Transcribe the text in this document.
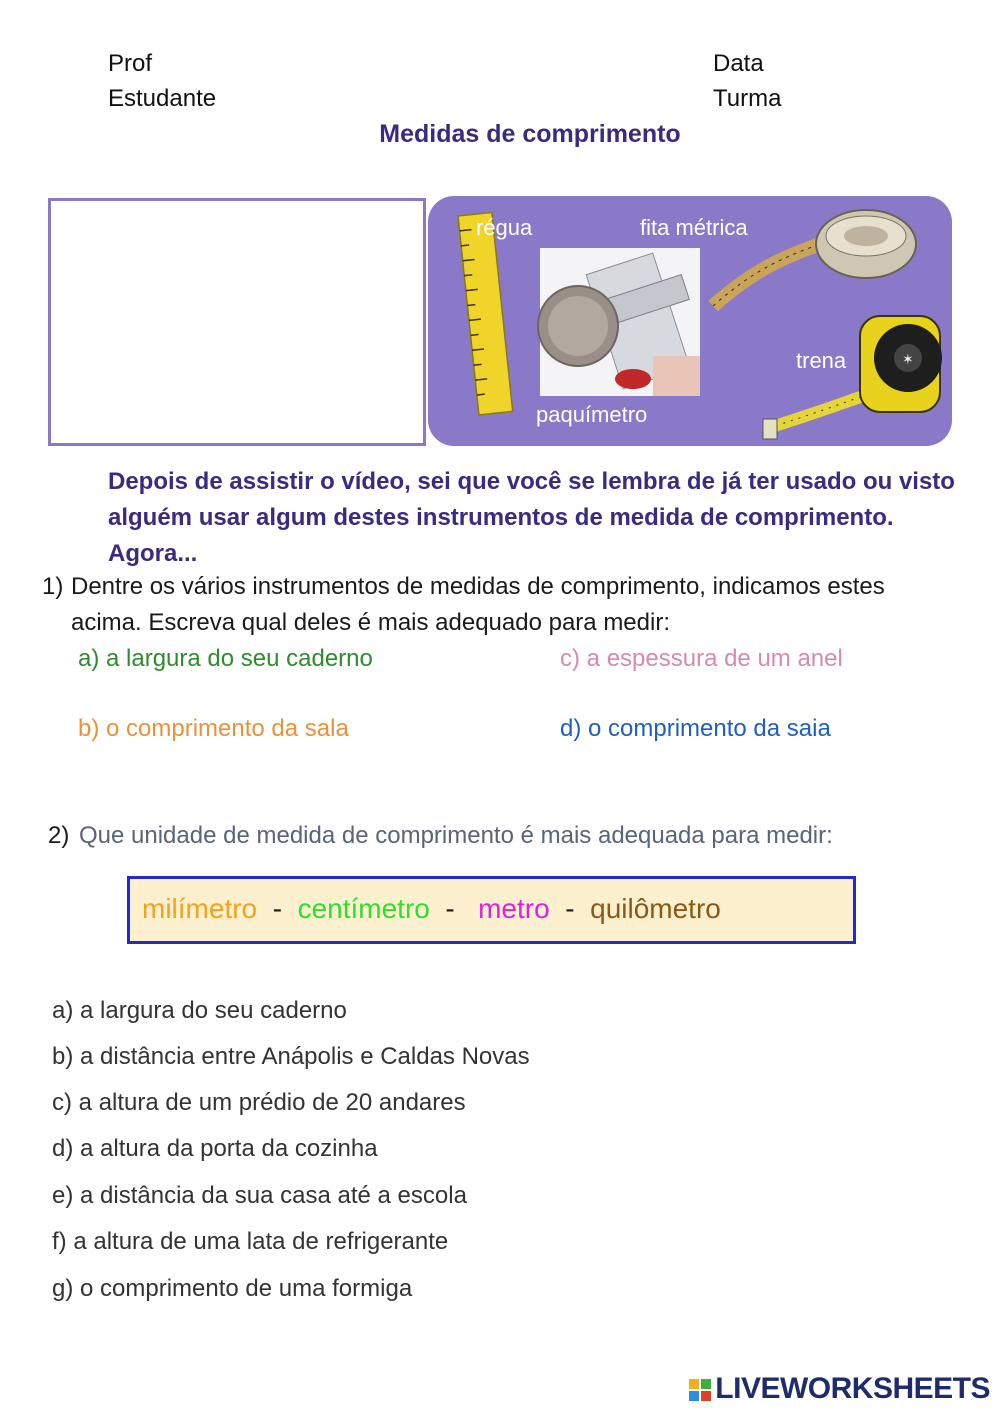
Prof
Estudante
Data
Turma
Medidas de comprimento
✶
régua	fita métrica
paquímetro
trena
Depois de assistir o vídeo, sei que você se lembra de já ter usado ou visto alguém usar algum destes instrumentos de medida de comprimento. Agora...
1) Dentre os vários instrumentos de medidas de comprimento, indicamos estes acima. Escreva qual deles é mais adequado para medir:
a) a largura do seu caderno
b) o comprimento da sala
c) a espessura de um anel
d) o comprimento da saia
2) Que unidade de medida de comprimento é mais adequada para medir:
milímetro - centímetro - metro - quilômetro
a) a largura do seu caderno
b) a distância entre Anápolis e Caldas Novas
c) a altura de um prédio de 20 andares
d) a altura da porta da cozinha
e) a distância da sua casa até a escola
f) a altura de uma lata de refrigerante
g) o comprimento de uma formiga
LIVEWORKSHEETS
